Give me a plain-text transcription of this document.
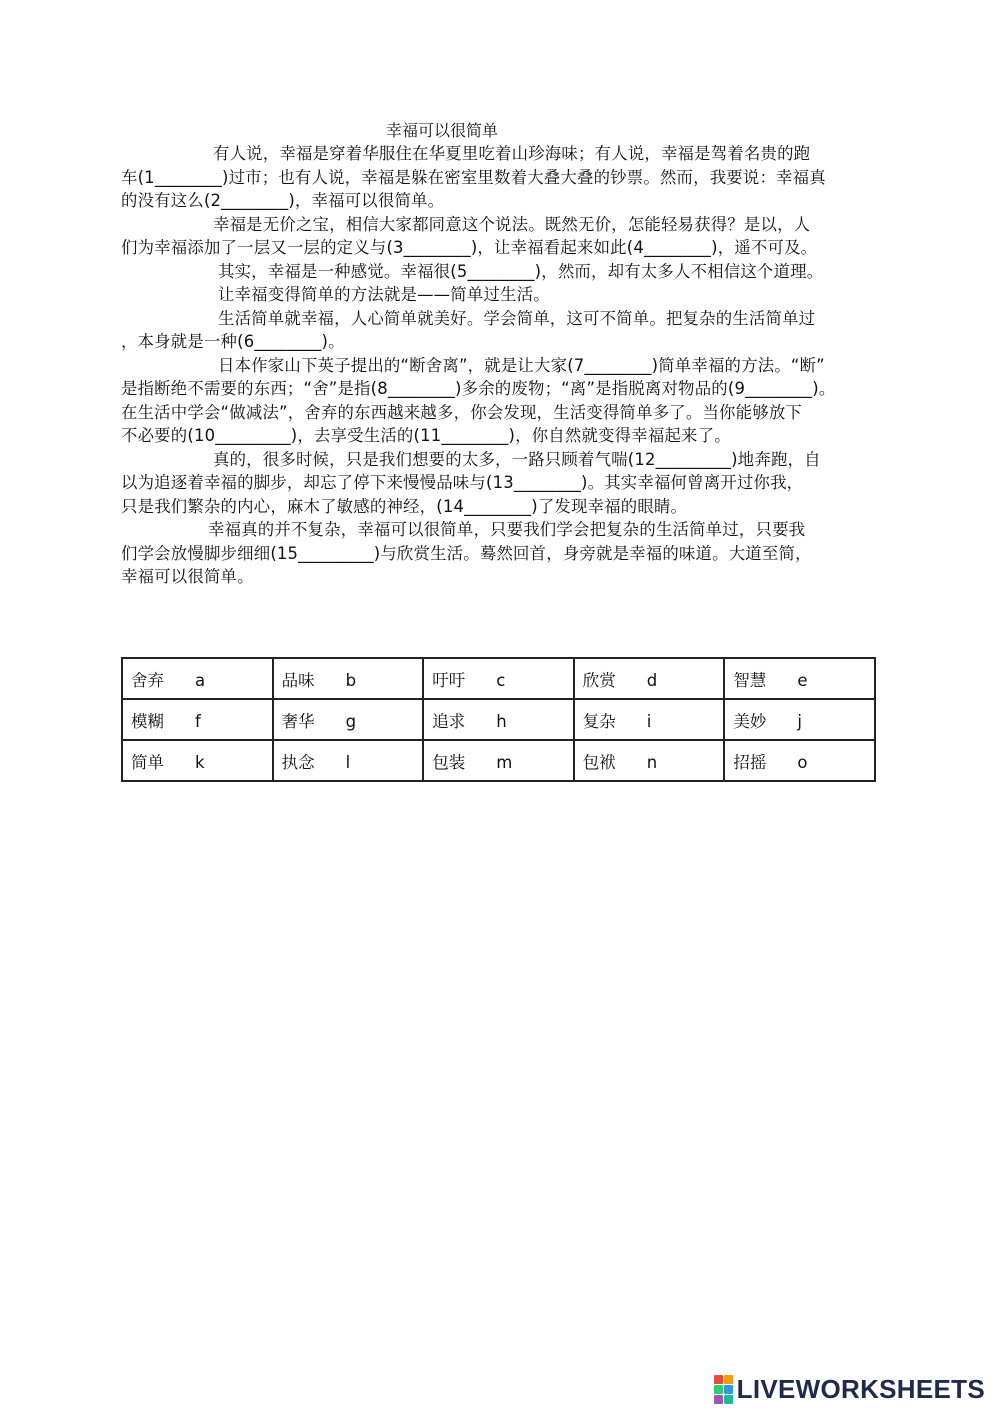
幸福可以很简单
有人说，幸福是穿着华服住在华夏里吃着山珍海味；有人说，幸福是驾着名贵的跑
车(1________)过市；也有人说，幸福是躲在密室里数着大叠大叠的钞票。然而，我要说：幸福真
的没有这么(2________)，幸福可以很简单。
幸福是无价之宝，相信大家都同意这个说法。既然无价，怎能轻易获得？是以，人
们为幸福添加了一层又一层的定义与(3________)，让幸福看起来如此(4________)，遥不可及。
其实，幸福是一种感觉。幸福很(5________)，然而，却有太多人不相信这个道理。
让幸福变得简单的方法就是——简单过生活。
生活简单就幸福，人心简单就美好。学会简单，这可不简单。把复杂的生活简单过
，本身就是一种(6________)。
日本作家山下英子提出的“断舍离”，就是让大家(7________)简单幸福的方法。“断”
是指断绝不需要的东西；“舍”是指(8________)多余的废物；“离”是指脱离对物品的(9________)。
在生活中学会“做减法”，舍弃的东西越来越多，你会发现，生活变得简单多了。当你能够放下
不必要的(10_________)，去享受生活的(11________)，你自然就变得幸福起来了。
真的，很多时候，只是我们想要的太多，一路只顾着气喘(12_________)地奔跑，自
以为追逐着幸福的脚步，却忘了停下来慢慢品味与(13________)。其实幸福何曾离开过你我，
只是我们繁杂的内心，麻木了敏感的神经，(14________)了发现幸福的眼睛。
幸福真的并不复杂，幸福可以很简单，只要我们学会把复杂的生活简单过，只要我
们学会放慢脚步细细(15_________)与欣赏生活。蓦然回首，身旁就是幸福的味道。大道至简，
幸福可以很简单。
舍弃 a	品味 b	吁吁 c	欣赏 d	智慧 e
模糊 f	奢华 g	追求 h	复杂 i	美妙 j
简单 k	执念 l	包装 m	包袱 n	招摇 o
LIVEWORKSHEETS
